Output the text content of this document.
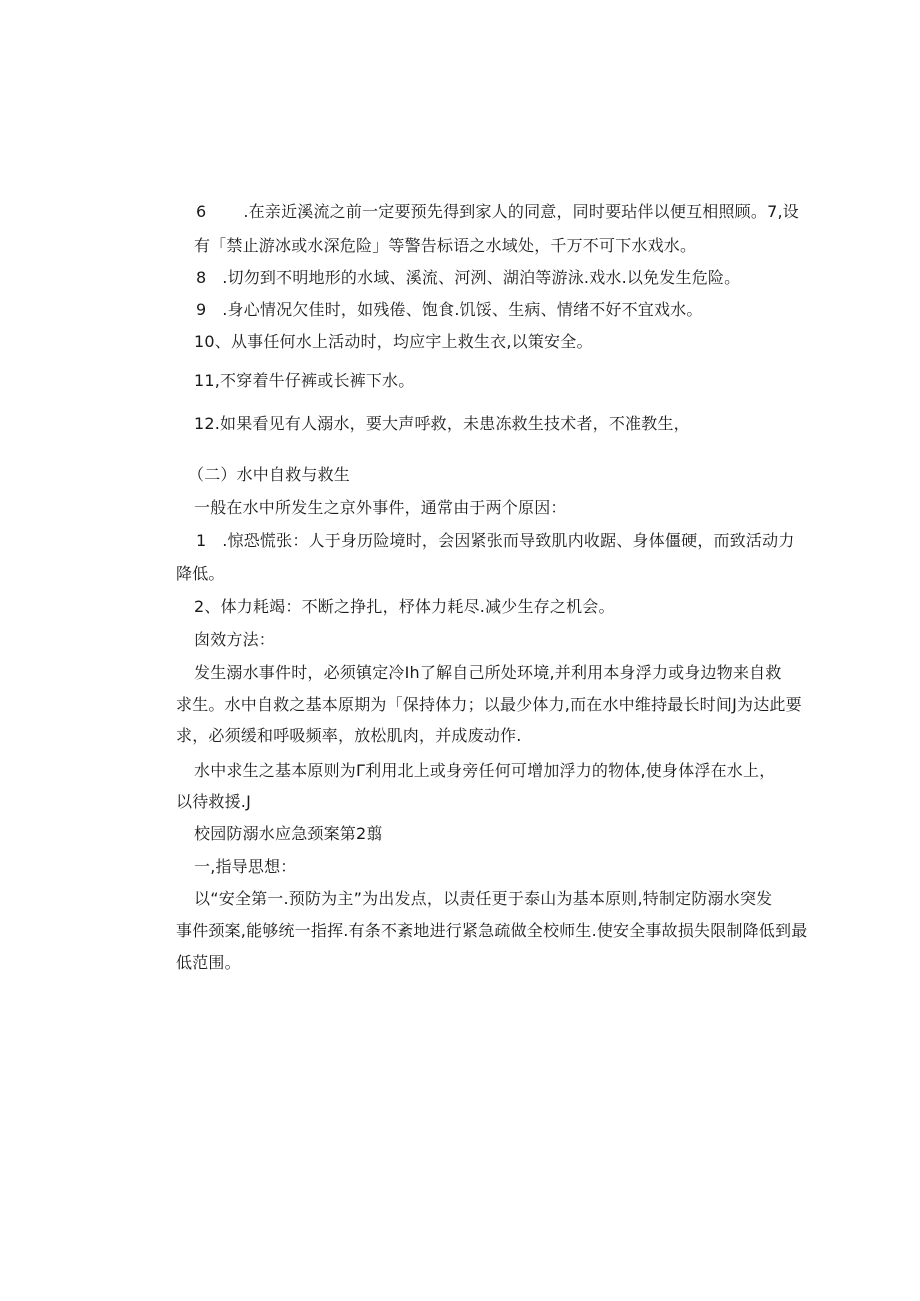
6       .在亲近溪流之前一定要预先得到家人的同意，同时要玷伴以便互相照顾。7,设
有「禁止游冰或水深危险」等警告标语之水域处，千万不可下水戏水。
8   .切勿到不明地形的水域、溪流、河洌、湖泊等游泳.戏水.以免发生危险。
9   .身心情况欠佳时，如残倦、饱食.饥馁、生病、情绪不好不宜戏水。
10、从事任何水上活动时，均应宇上救生衣,以策安全。
11,不穿着牛仔裤或长裤下水。
12.如果看见有人溺水，要大声呼救，未患冻救生技术者，不准教生，
（二）水中自救与救生
一般在水中所发生之京外事件，通常由于两个原因：
1   .惊恐慌张：人于身历险境时，会因紧张而导致肌内收踞、身体僵硬，而致活动力
降低。
2、体力耗竭：不断之挣扎，杼体力耗尽.减少生存之机会。
囱效方法：
发生溺水事件时，必须镇定冷Ih了解自己所处环境,并利用本身浮力或身边物来自救
求生。水中自救之基本原期为「保持体力；以最少体力,而在水中维持最长时间J为达此要
求，必须缓和呼吸频率，放松肌肉，并成废动作.
水中求生之基本原则为Γ利用北上或身旁任何可增加浮力的物体,使身体浮在水上，
以待救援.J
校园防溺水应急颈案第2翦
一,指导思想：
以“安全第一.预防为主”为出发点，以责任更于泰山为基本原则,特制定防溺水突发
事件颈案,能够统一指挥.有条不紊地进行紧急疏做全校师生.使安全事故损失限制降低到最
低范围。
